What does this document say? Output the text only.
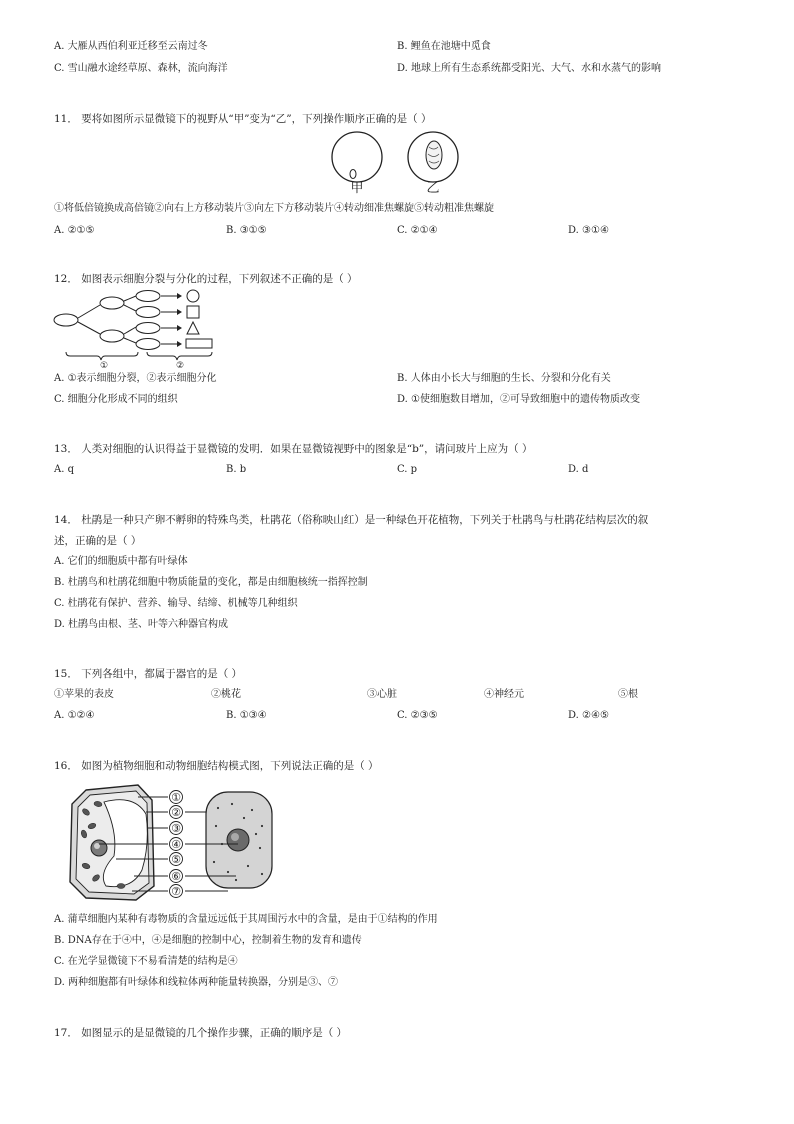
A. 大雁从西伯利亚迁移至云南过冬	B. 鲤鱼在池塘中觅食
C. 雪山融水途经草原、森林，流向海洋	D. 地球上所有生态系统都受阳光、大气、水和水蒸气的影响
11． 要将如图所示显微镜下的视野从“甲”变为“乙”，下列操作顺序正确的是（ ）
甲	乙
①将低倍镜换成高倍镜②向右上方移动装片③向左下方移动装片④转动细准焦螺旋⑤转动粗准焦螺旋
A. ②①⑤	B. ③①⑤	C. ②①④	D. ③①④
12． 如图表示细胞分裂与分化的过程，下列叙述不正确的是（ ）
①	②
A. ①表示细胞分裂，②表示细胞分化	B. 人体由小长大与细胞的生长、分裂和分化有关
C. 细胞分化形成不同的组织	D. ①使细胞数目增加，②可导致细胞中的遗传物质改变
13． 人类对细胞的认识得益于显微镜的发明．如果在显微镜视野中的图象是“b”，请问玻片上应为（ ）
A. q	B. b	C. p	D. d
14． 杜鹃是一种只产卵不孵卵的特殊鸟类，杜鹃花（俗称映山红）是一种绿色开花植物，下列关于杜鹃鸟与杜鹃花结构层次的叙
述，正确的是（ ）
A. 它们的细胞质中都有叶绿体
B. 杜鹃鸟和杜鹃花细胞中物质能量的变化，都是由细胞核统一指挥控制
C. 杜鹃花有保护、营养、输导、结缔、机械等几种组织
D. 杜鹃鸟由根、茎、叶等六种器官构成
15． 下列各组中，都属于器官的是（ ）
①苹果的表皮	②桃花	③心脏	④神经元	⑤根
A. ①②④	B. ①③④	C. ②③⑤	D. ②④⑤
16． 如图为植物细胞和动物细胞结构模式图，下列说法正确的是（ ）
①
②
③
④
⑤
⑥
⑦
A. 蒲草细胞内某种有毒物质的含量远远低于其周围污水中的含量，是由于①结构的作用
B. DNA存在于④中，④是细胞的控制中心，控制着生物的发育和遗传
C. 在光学显微镜下不易看清楚的结构是④
D. 两种细胞都有叶绿体和线粒体两种能量转换器，分别是③、⑦
17． 如图显示的是显微镜的几个操作步骤，正确的顺序是（ ）
